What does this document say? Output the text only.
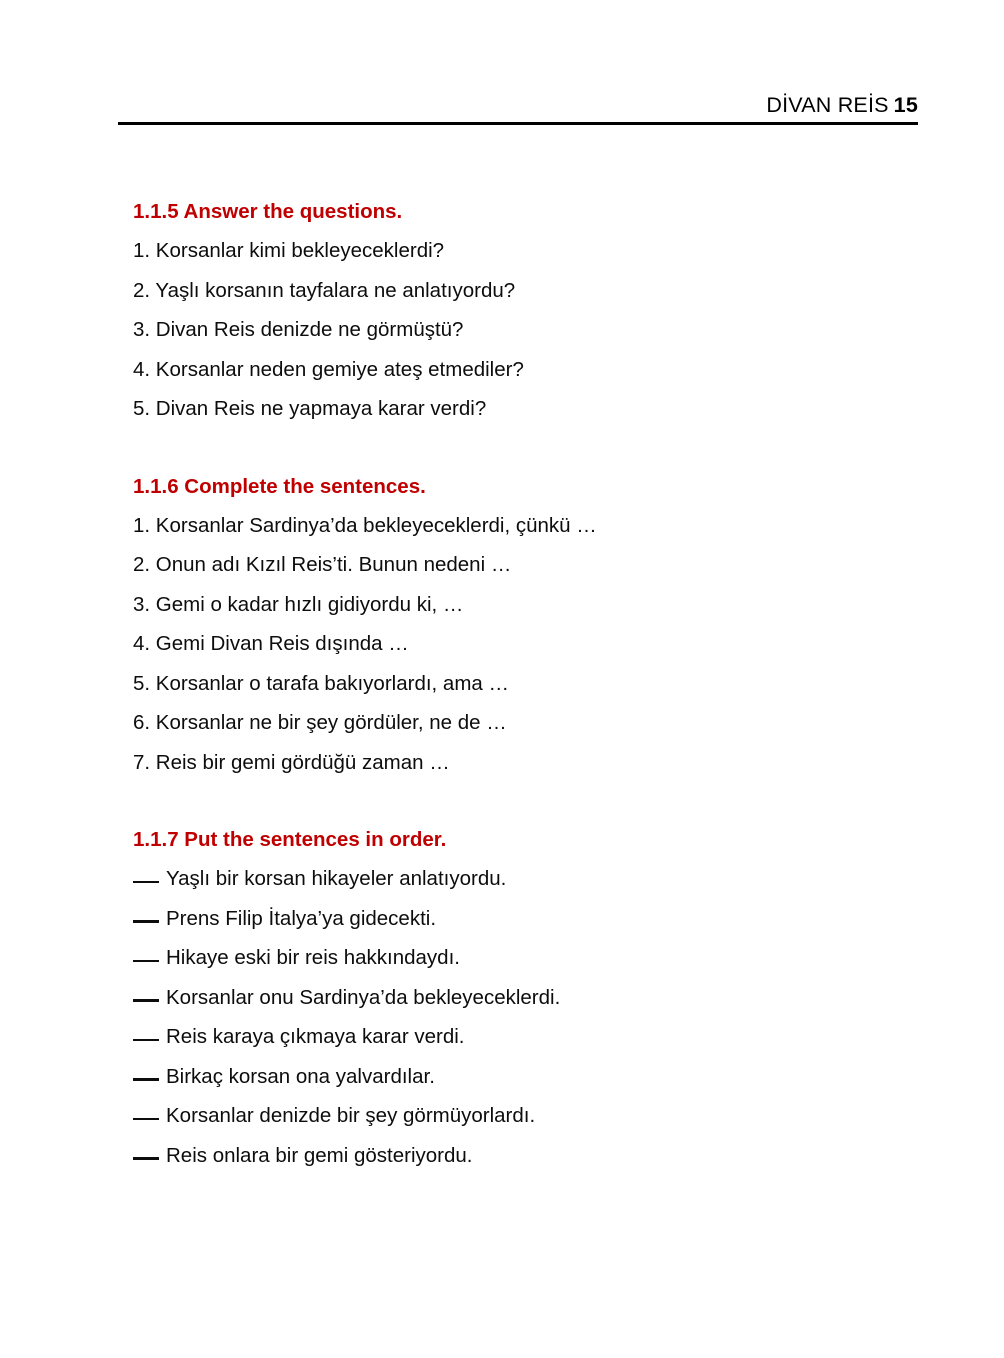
DİVAN REİS 15
1.1.5 Answer the questions.
1. Korsanlar kimi bekleyeceklerdi?
2. Yaşlı korsanın tayfalara ne anlatıyordu?
3. Divan Reis denizde ne görmüştü?
4. Korsanlar neden gemiye ateş etmediler?
5. Divan Reis ne yapmaya karar verdi?
1.1.6 Complete the sentences.
1. Korsanlar Sardinya’da bekleyeceklerdi, çünkü …
2. Onun adı Kızıl Reis’ti. Bunun nedeni …
3. Gemi o kadar hızlı gidiyordu ki, …
4. Gemi Divan Reis dışında …
5. Korsanlar o tarafa bakıyorlardı, ama …
6. Korsanlar ne bir şey gördüler, ne de …
7. Reis bir gemi gördüğü zaman …
1.1.7 Put the sentences in order.
Yaşlı bir korsan hikayeler anlatıyordu.
Prens Filip İtalya’ya gidecekti.
Hikaye eski bir reis hakkındaydı.
Korsanlar onu Sardinya’da bekleyeceklerdi.
Reis karaya çıkmaya karar verdi.
Birkaç korsan ona yalvardılar.
Korsanlar denizde bir şey görmüyorlardı.
Reis onlara bir gemi gösteriyordu.
